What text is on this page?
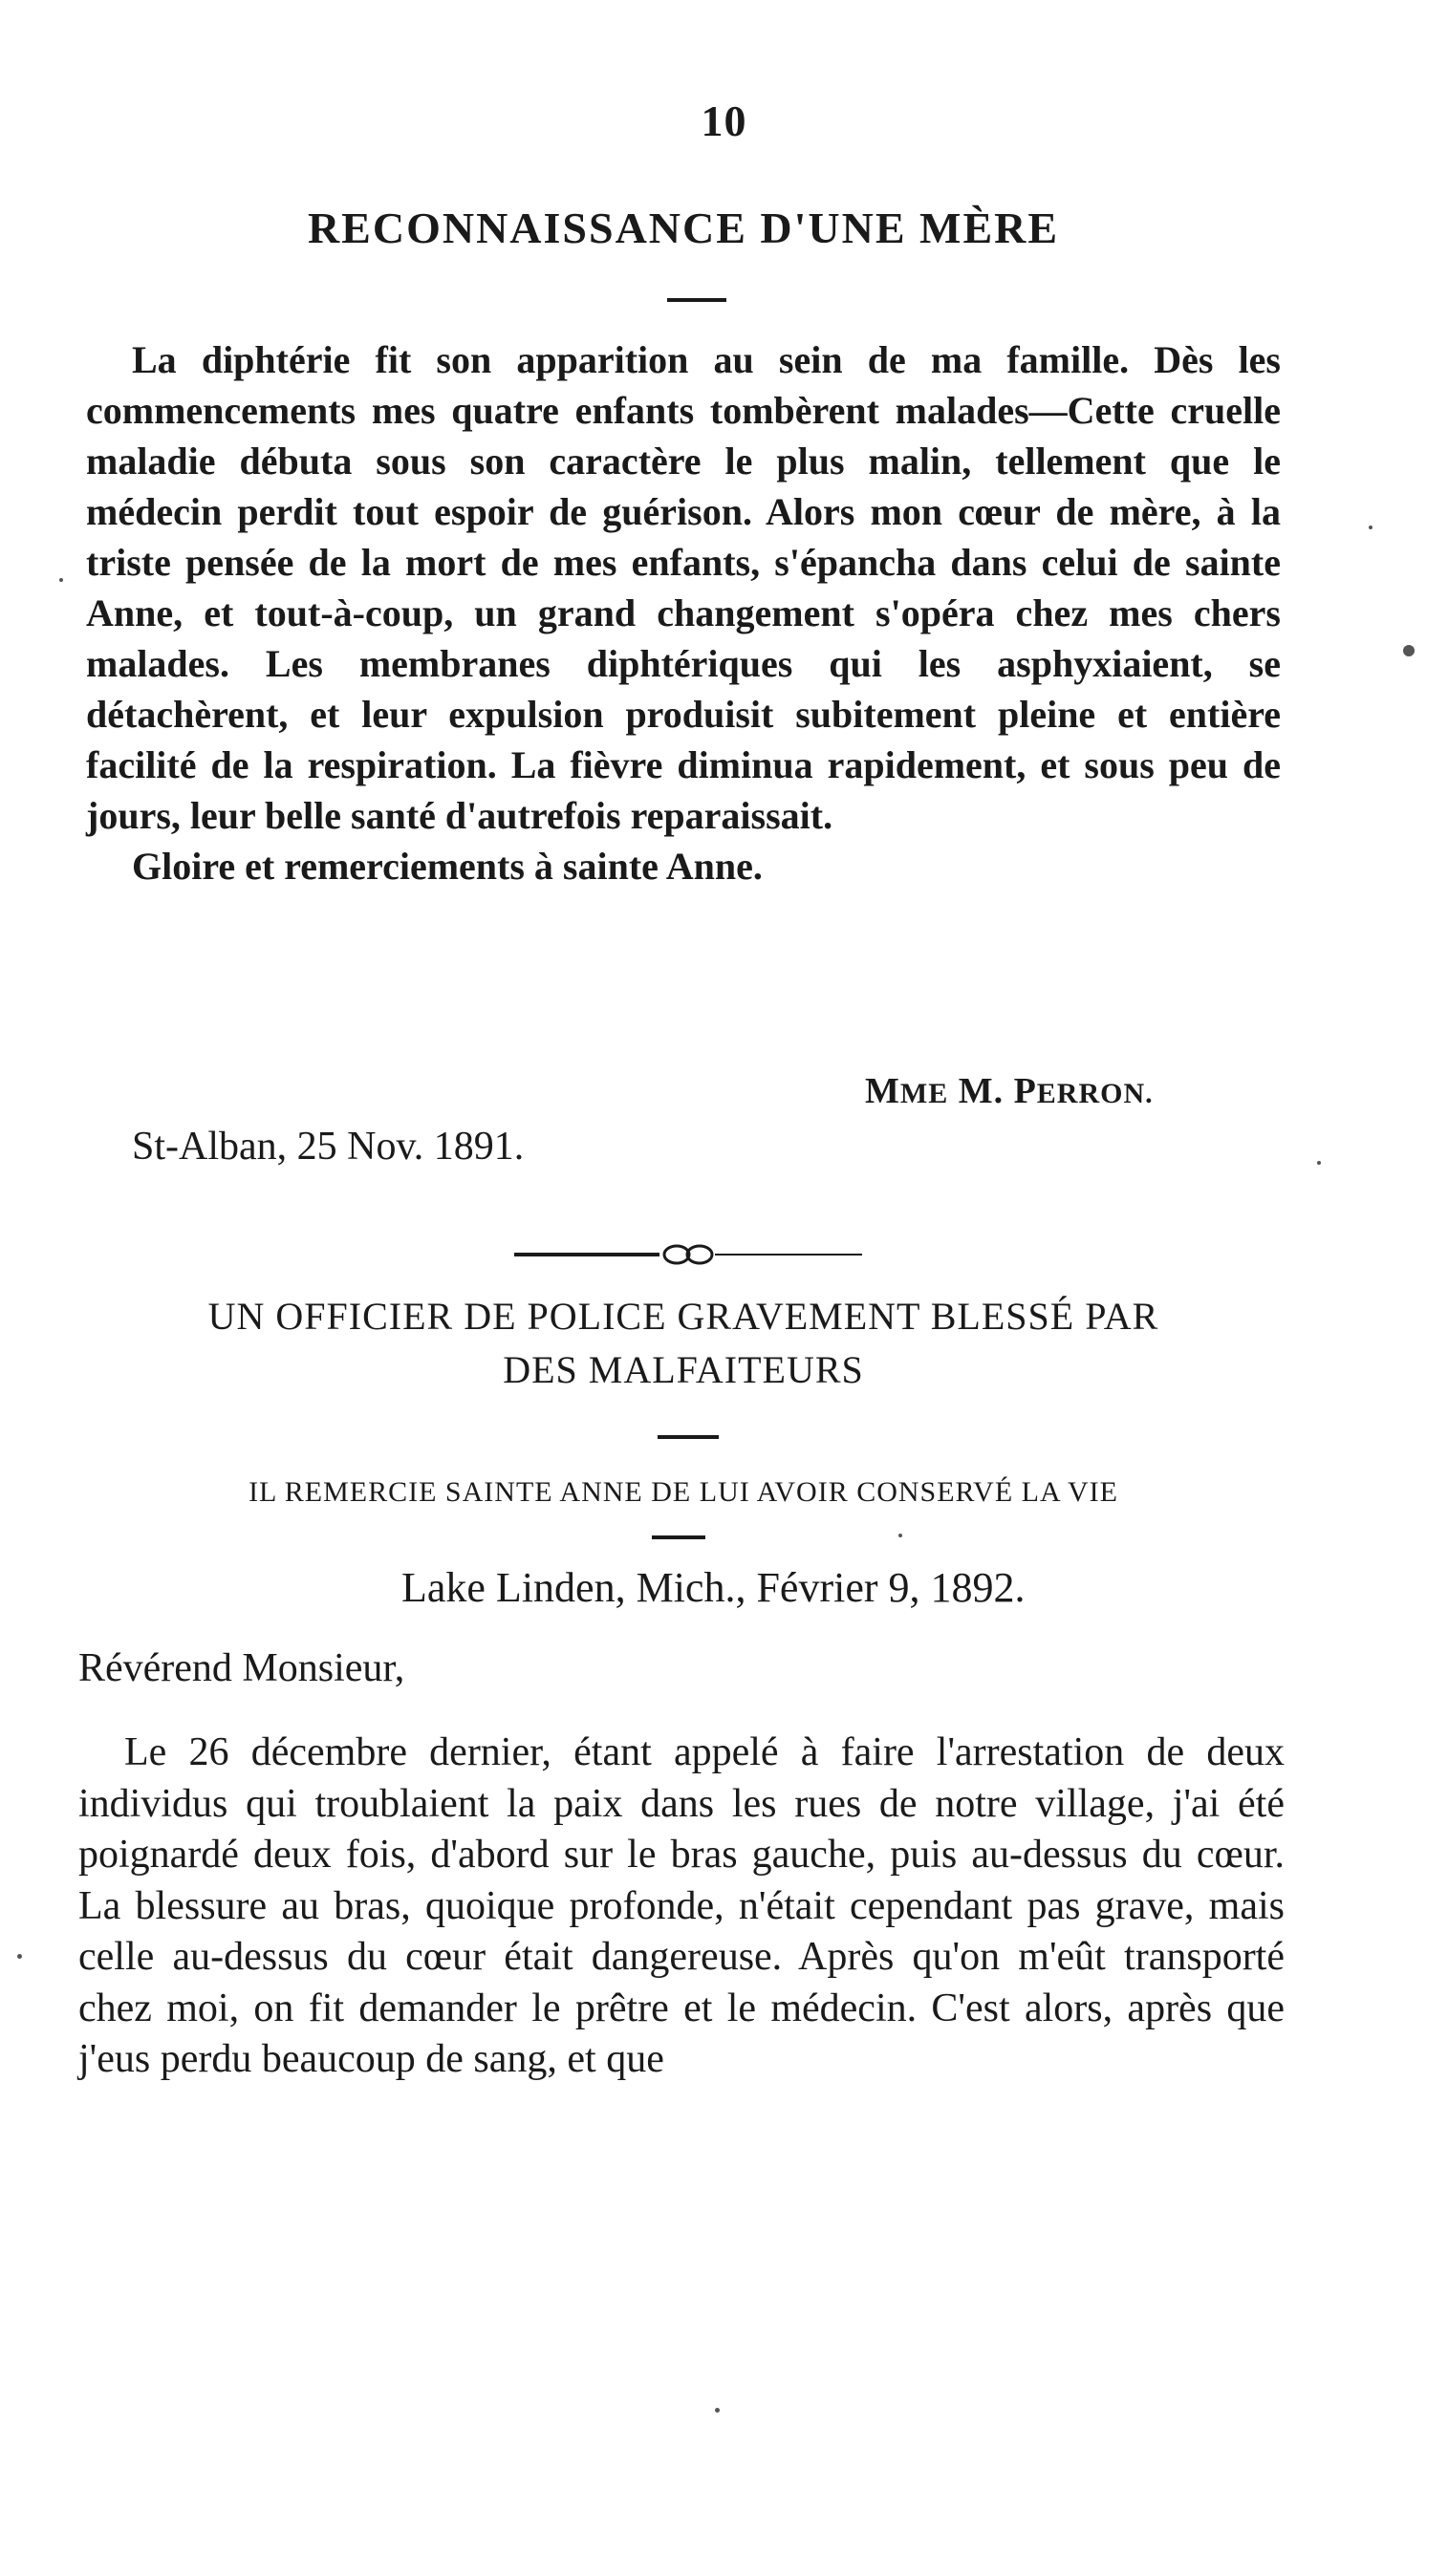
10
RECONNAISSANCE D'UNE MÈRE

La diphtérie fit son apparition au sein de ma famille. Dès les commencements mes quatre enfants tombèrent malades—Cette cruelle maladie débuta sous son caractère le plus malin, tellement que le médecin perdit tout espoir de guérison. Alors mon cœur de mère, à la triste pensée de la mort de mes enfants, s'épancha dans celui de sainte Anne, et tout-à-coup, un grand changement s'opéra chez mes chers malades. Les membranes diphtériques qui les asphyxiaient, se détachèrent, et leur expulsion produisit subitement pleine et entière facilité de la respiration. La fièvre diminua rapidement, et sous peu de jours, leur belle santé d'autrefois reparaissait.

Gloire et remerciements à sainte Anne.

MME M. PERRON.
St-Alban, 25 Nov. 1891.
UN OFFICIER DE POLICE GRAVEMENT BLESSÉ PAR
DES MALFAITEURS
IL REMERCIE SAINTE ANNE DE LUI AVOIR CONSERVÉ LA VIE
Lake Linden, Mich., Février 9, 1892.
Révérend Monsieur,

Le 26 décembre dernier, étant appelé à faire l'arrestation de deux individus qui troublaient la paix dans les rues de notre village, j'ai été poignardé deux fois, d'abord sur le bras gauche, puis au-dessus du cœur. La blessure au bras, quoique profonde, n'était cependant pas grave, mais celle au-dessus du cœur était dangereuse. Après qu'on m'eût transporté chez moi, on fit demander le prêtre et le médecin. C'est alors, après que j'eus perdu beaucoup de sang, et que
